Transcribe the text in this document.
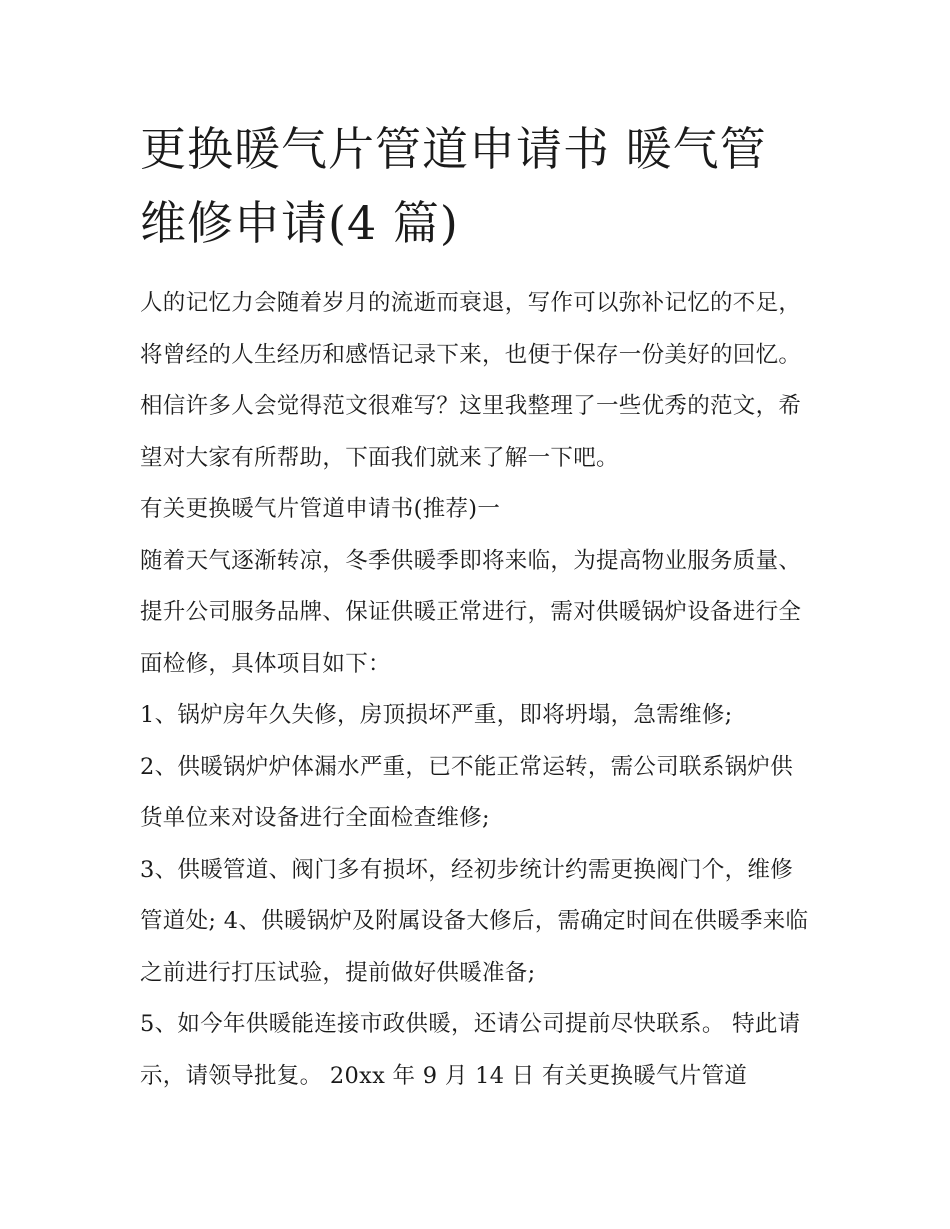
更换暖气片管道申请书 暖气管维修申请(4 篇)

人的记忆力会随着岁月的流逝而衰退，写作可以弥补记忆的不足，将曾经的人生经历和感悟记录下来，也便于保存一份美好的回忆。相信许多人会觉得范文很难写？这里我整理了一些优秀的范文，希望对大家有所帮助，下面我们就来了解一下吧。

有关更换暖气片管道申请书(推荐)一

随着天气逐渐转凉，冬季供暖季即将来临，为提高物业服务质量、提升公司服务品牌、保证供暖正常进行，需对供暖锅炉设备进行全面检修，具体项目如下：

1、锅炉房年久失修，房顶损坏严重，即将坍塌，急需维修;

2、供暖锅炉炉体漏水严重，已不能正常运转，需公司联系锅炉供货单位来对设备进行全面检查维修;

3、供暖管道、阀门多有损坏，经初步统计约需更换阀门个，维修管道处; 4、供暖锅炉及附属设备大修后，需确定时间在供暖季来临之前进行打压试验，提前做好供暖准备;

5、如今年供暖能连接市政供暖，还请公司提前尽快联系。 特此请示，请领导批复。 20xx 年 9 月 14 日 有关更换暖气片管道
